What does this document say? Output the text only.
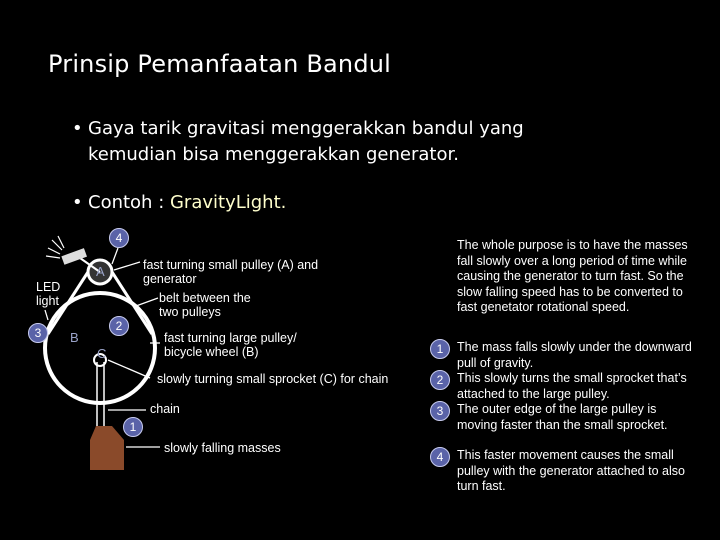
Prinsip Pemanfaatan Bandul
• Gaya tarik gravitasi menggerakkan bandul yang kemudian bisa menggerakkan generator.
• Contoh : GravityLight.
LED light
fast turning small pulley (A) and generator
belt between the two pulleys
fast turning large pulley/ bicycle wheel (B)
slowly turning small sprocket (C) for chain
chain
slowly falling masses
A
B
C
4
2
3
1
The whole purpose is to have the masses fall slowly over a long period of time while causing the generator to turn fast. So the slow falling speed has to be converted to fast genetator rotational speed.
1	The mass falls slowly under the downward pull of gravity.
2	This slowly turns the small sprocket that’s attached to the large pulley.
3	The outer edge of the large pulley is moving faster than the small sprocket.
4	This faster movement causes the small pulley with the generator attached to also turn fast.
